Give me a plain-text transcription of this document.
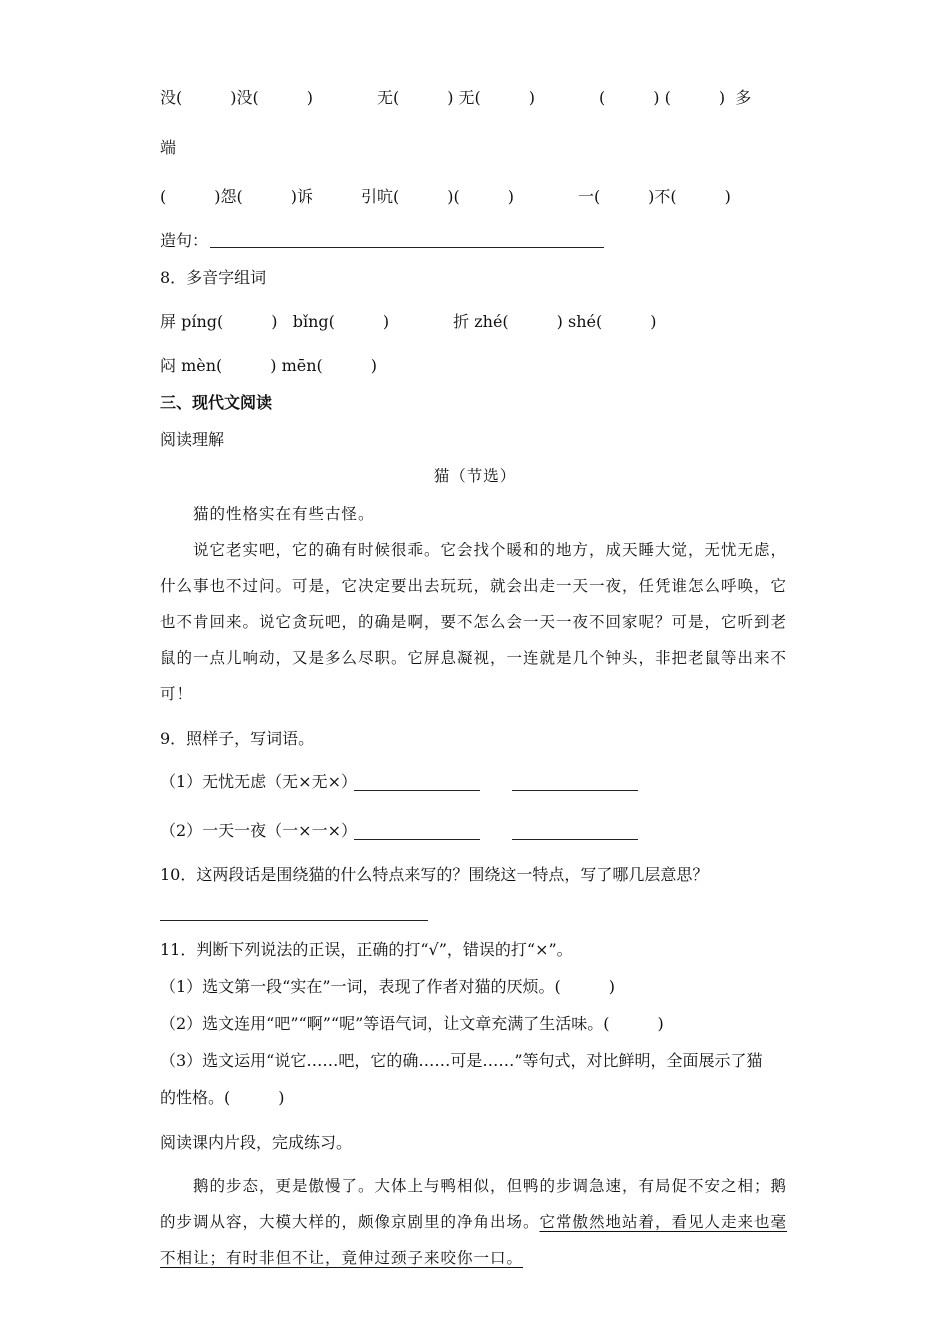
没(　　　)没(　　　)　　　　无(　　　) 无(　　　)　　　　(　　　) (　　　)  多
端
(　　　)怨(　　　)诉　　　引吭(　　　)(　　　)　　　　一(　　　)不(　　　)
造句：
8．多音字组词
屏 píng(　　　)   bǐng(　　　)　　　　折 zhé(　　　) shé(　　　)
闷 mèn(　　　) mēn(　　　)
三、现代文阅读
阅读理解
猫（节选）

猫的性格实在有些古怪。

说它老实吧，它的确有时候很乖。它会找个暖和的地方，成天睡大觉，无忧无虑，什么事也不过问。可是，它决定要出去玩玩，就会出走一天一夜，任凭谁怎么呼唤，它也不肯回来。说它贪玩吧，的确是啊，要不怎么会一天一夜不回家呢？可是，它听到老鼠的一点儿响动，又是多么尽职。它屏息凝视，一连就是几个钟头，非把老鼠等出来不可！

9．照样子，写词语。
（1）无忧无虑（无×无×）
（2）一天一夜（一×一×）
10．这两段话是围绕猫的什么特点来写的？围绕这一特点，写了哪几层意思？
11．判断下列说法的正误，正确的打“√”，错误的打“×”。
（1）选文第一段“实在”一词，表现了作者对猫的厌烦。(　　　)
（2）选文连用“吧”“啊”“呢”等语气词，让文章充满了生活味。(　　　)
（3）选文运用“说它……吧，它的确……可是……”等句式，对比鲜明，全面展示了猫
的性格。(　　　)
阅读课内片段，完成练习。

鹅的步态，更是傲慢了。大体上与鸭相似，但鸭的步调急速，有局促不安之相；鹅的步调从容，大模大样的，颇像京剧里的净角出场。它常傲然地站着，看见人走来也毫不相让；有时非但不让，竟伸过颈子来咬你一口。
